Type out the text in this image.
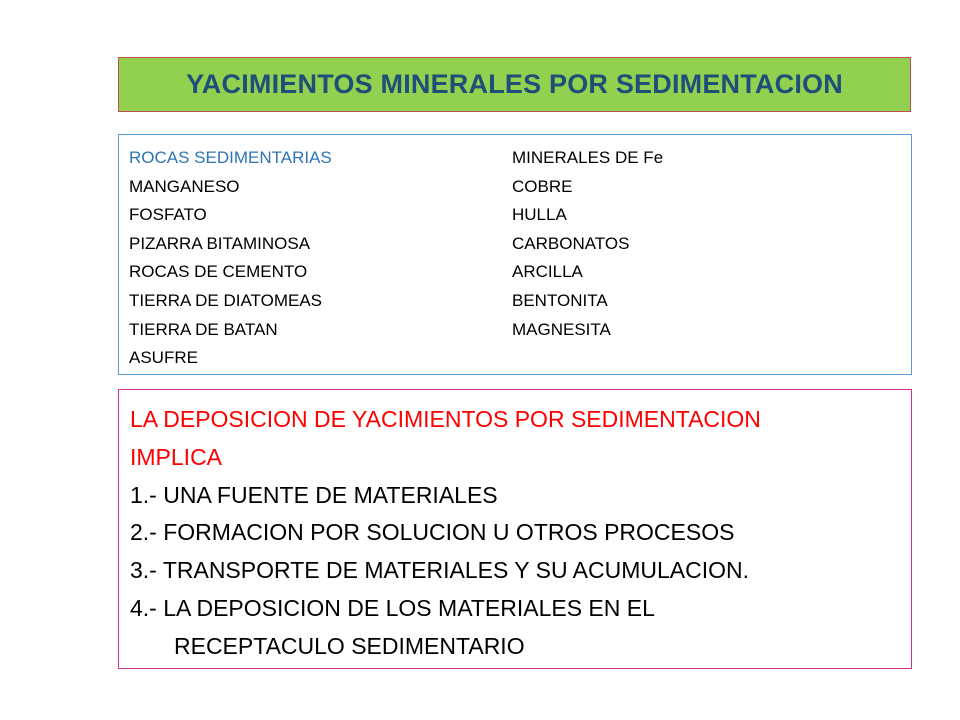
YACIMIENTOS MINERALES POR SEDIMENTACION
ROCAS SEDIMENTARIAS
MANGANESO
FOSFATO
PIZARRA BITAMINOSA
ROCAS DE CEMENTO
TIERRA DE DIATOMEAS
TIERRA DE BATAN
ASUFRE
MINERALES DE Fe
COBRE
HULLA
CARBONATOS
ARCILLA
BENTONITA
MAGNESITA
LA DEPOSICION DE YACIMIENTOS POR SEDIMENTACION
IMPLICA
1.- UNA FUENTE DE MATERIALES
2.- FORMACION POR SOLUCION U OTROS PROCESOS
3.- TRANSPORTE DE MATERIALES Y SU ACUMULACION.
4.- LA DEPOSICION DE LOS MATERIALES EN EL
RECEPTACULO SEDIMENTARIO
